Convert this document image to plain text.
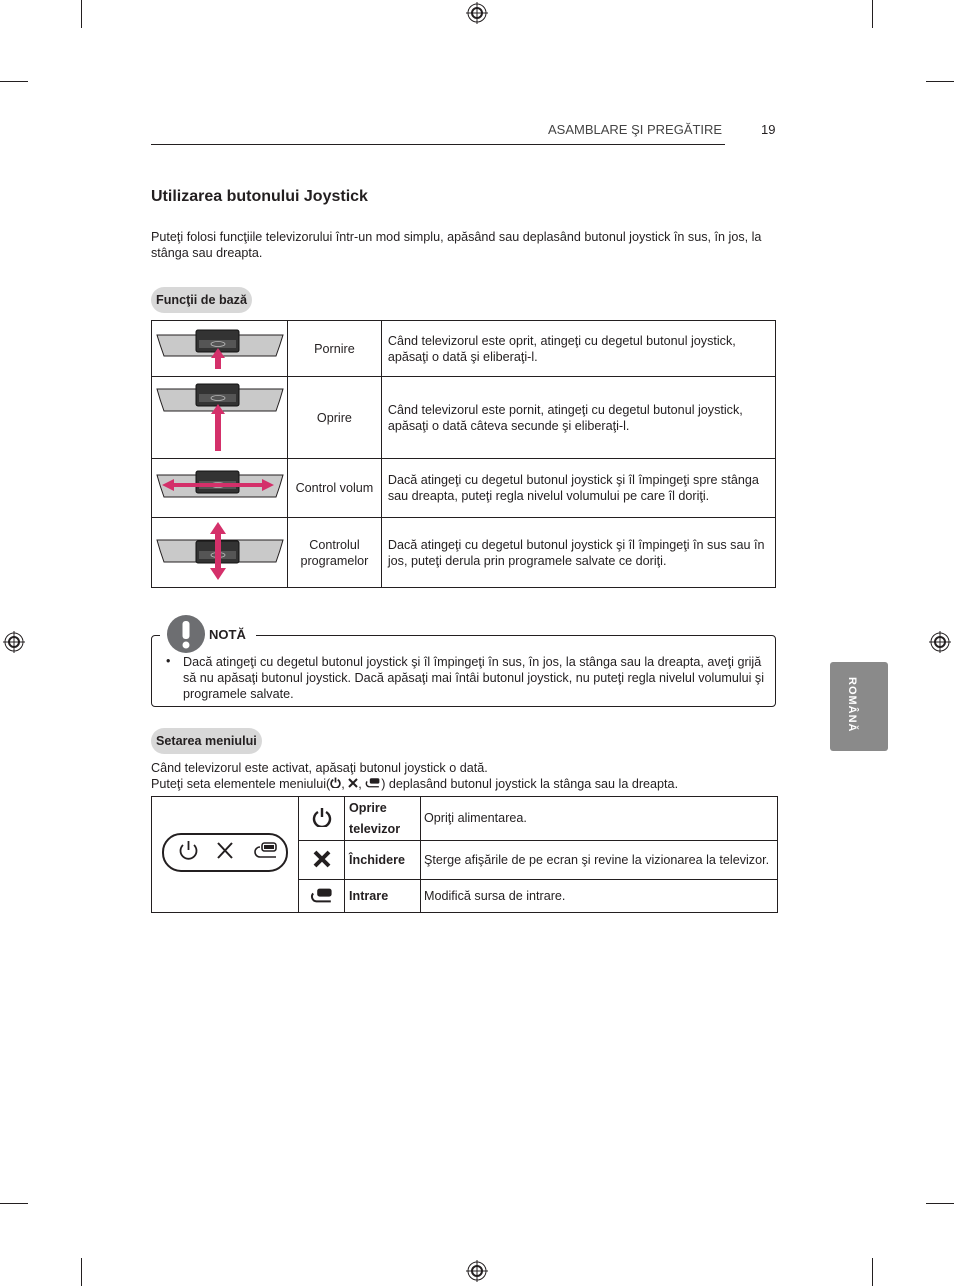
ASAMBLARE ŞI PREGĂTIRE	19
Utilizarea butonului Joystick
Puteţi folosi funcţiile televizorului într-un mod simplu, apăsând sau deplasând butonul joystick în sus, în jos, la stânga sau dreapta.
Funcţii de bază
	Pornire	Când televizorul este oprit, atingeţi cu degetul butonul joystick, apăsaţi o dată şi eliberaţi-l.
	Oprire	Când televizorul este pornit, atingeţi cu degetul butonul joystick, apăsaţi o dată câteva secunde şi eliberaţi-l.
	Control volum	Dacă atingeţi cu degetul butonul joystick şi îl împingeţi spre stânga sau dreapta, puteţi regla nivelul volumului pe care îl doriţi.
	Controlul programelor	Dacă atingeţi cu degetul butonul joystick şi îl împingeţi în sus sau în jos, puteţi derula prin programele salvate ce doriţi.
NOTĂ
• Dacă atingeţi cu degetul butonul joystick şi îl împingeţi în sus, în jos, la stânga sau la dreapta, aveţi grijă să nu apăsaţi butonul joystick. Dacă apăsaţi mai întâi butonul joystick, nu puteţi regla nivelul volumului şi programele salvate.	ROMÂNĂ
Setarea meniului
Când televizorul este activat, apăsaţi butonul joystick o dată.
Puteţi seta elementele meniului( , , ) deplasând butonul joystick la stânga sau la dreapta.
		Oprire televizor	Opriţi alimentarea.
	Închidere	Şterge afişările de pe ecran şi revine la vizionarea la televizor.
	Intrare	Modifică sursa de intrare.
